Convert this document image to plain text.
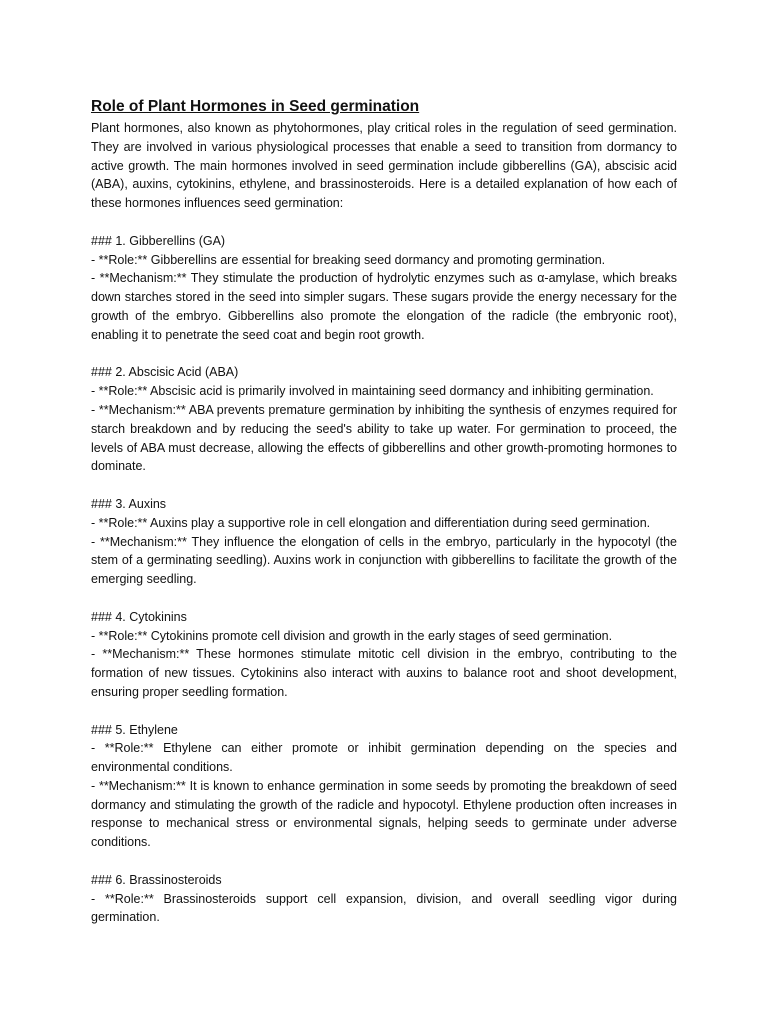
Role of Plant Hormones in Seed germination

Plant hormones, also known as phytohormones, play critical roles in the regulation of seed germination. They are involved in various physiological processes that enable a seed to transition from dormancy to active growth. The main hormones involved in seed germination include gibberellins (GA), abscisic acid (ABA), auxins, cytokinins, ethylene, and brassinosteroids. Here is a detailed explanation of how each of these hormones influences seed germination:

### 1. Gibberellins (GA)

- **Role:** Gibberellins are essential for breaking seed dormancy and promoting germination.

- **Mechanism:** They stimulate the production of hydrolytic enzymes such as α-amylase, which breaks down starches stored in the seed into simpler sugars. These sugars provide the energy necessary for the growth of the embryo. Gibberellins also promote the elongation of the radicle (the embryonic root), enabling it to penetrate the seed coat and begin root growth.

### 2. Abscisic Acid (ABA)

- **Role:** Abscisic acid is primarily involved in maintaining seed dormancy and inhibiting germination.

- **Mechanism:** ABA prevents premature germination by inhibiting the synthesis of enzymes required for starch breakdown and by reducing the seed's ability to take up water. For germination to proceed, the levels of ABA must decrease, allowing the effects of gibberellins and other growth-promoting hormones to dominate.

### 3. Auxins

- **Role:** Auxins play a supportive role in cell elongation and differentiation during seed germination.

- **Mechanism:** They influence the elongation of cells in the embryo, particularly in the hypocotyl (the stem of a germinating seedling). Auxins work in conjunction with gibberellins to facilitate the growth of the emerging seedling.

### 4. Cytokinins

- **Role:** Cytokinins promote cell division and growth in the early stages of seed germination.

- **Mechanism:** These hormones stimulate mitotic cell division in the embryo, contributing to the formation of new tissues. Cytokinins also interact with auxins to balance root and shoot development, ensuring proper seedling formation.

### 5. Ethylene

- **Role:** Ethylene can either promote or inhibit germination depending on the species and environmental conditions.

- **Mechanism:** It is known to enhance germination in some seeds by promoting the breakdown of seed dormancy and stimulating the growth of the radicle and hypocotyl. Ethylene production often increases in response to mechanical stress or environmental signals, helping seeds to germinate under adverse conditions.

### 6. Brassinosteroids

- **Role:** Brassinosteroids support cell expansion, division, and overall seedling vigor during germination.
